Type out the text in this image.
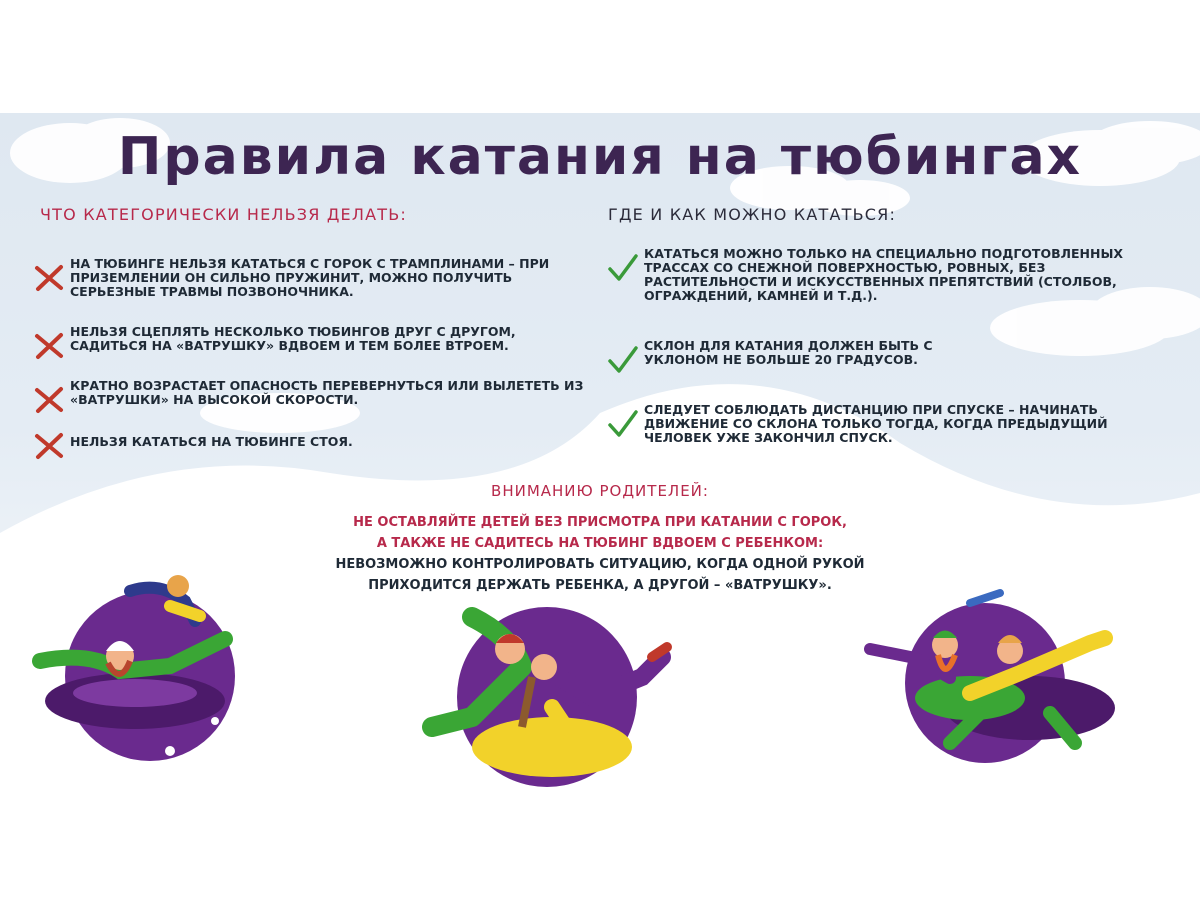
Правила катания на тюбингах
ЧТО КАТЕГОРИЧЕСКИ НЕЛЬЗЯ ДЕЛАТЬ:	ГДЕ И КАК МОЖНО КАТАТЬСЯ:
НА ТЮБИНГЕ НЕЛЬЗЯ КАТАТЬСЯ С ГОРОК С ТРАМПЛИНАМИ – ПРИ ПРИЗЕМЛЕНИИ ОН СИЛЬНО ПРУЖИНИТ, МОЖНО ПОЛУЧИТЬ СЕРЬЕЗНЫЕ ТРАВМЫ ПОЗВОНОЧНИКА.
НЕЛЬЗЯ СЦЕПЛЯТЬ НЕСКОЛЬКО ТЮБИНГОВ ДРУГ С ДРУГОМ, САДИТЬСЯ НА «ВАТРУШКУ» ВДВОЕМ И ТЕМ БОЛЕЕ ВТРОЕМ.
КРАТНО ВОЗРАСТАЕТ ОПАСНОСТЬ ПЕРЕВЕРНУТЬСЯ ИЛИ ВЫЛЕТЕТЬ ИЗ «ВАТРУШКИ» НА ВЫСОКОЙ СКОРОСТИ.
НЕЛЬЗЯ КАТАТЬСЯ НА ТЮБИНГЕ СТОЯ.
КАТАТЬСЯ МОЖНО ТОЛЬКО НА СПЕЦИАЛЬНО ПОДГОТОВЛЕННЫХ ТРАССАХ СО СНЕЖНОЙ ПОВЕРХНОСТЬЮ, РОВНЫХ, БЕЗ РАСТИТЕЛЬНОСТИ И ИСКУССТВЕННЫХ ПРЕПЯТСТВИЙ (СТОЛБОВ, ОГРАЖДЕНИЙ, КАМНЕЙ И Т.Д.).
СКЛОН ДЛЯ КАТАНИЯ ДОЛЖЕН БЫТЬ С УКЛОНОМ НЕ БОЛЬШЕ 20 ГРАДУСОВ.
СЛЕДУЕТ СОБЛЮДАТЬ ДИСТАНЦИЮ ПРИ СПУСКЕ – НАЧИНАТЬ ДВИЖЕНИЕ СО СКЛОНА ТОЛЬКО ТОГДА, КОГДА ПРЕДЫДУЩИЙ ЧЕЛОВЕК УЖЕ ЗАКОНЧИЛ СПУСК.
ВНИМАНИЮ РОДИТЕЛЕЙ:
НЕ ОСТАВЛЯЙТЕ ДЕТЕЙ БЕЗ ПРИСМОТРА ПРИ КАТАНИИ С ГОРОК,
А ТАКЖЕ НЕ САДИТЕСЬ НА ТЮБИНГ ВДВОЕМ С РЕБЕНКОМ:
НЕВОЗМОЖНО КОНТРОЛИРОВАТЬ СИТУАЦИЮ, КОГДА ОДНОЙ РУКОЙ
ПРИХОДИТСЯ ДЕРЖАТЬ РЕБЕНКА, А ДРУГОЙ – «ВАТРУШКУ».
